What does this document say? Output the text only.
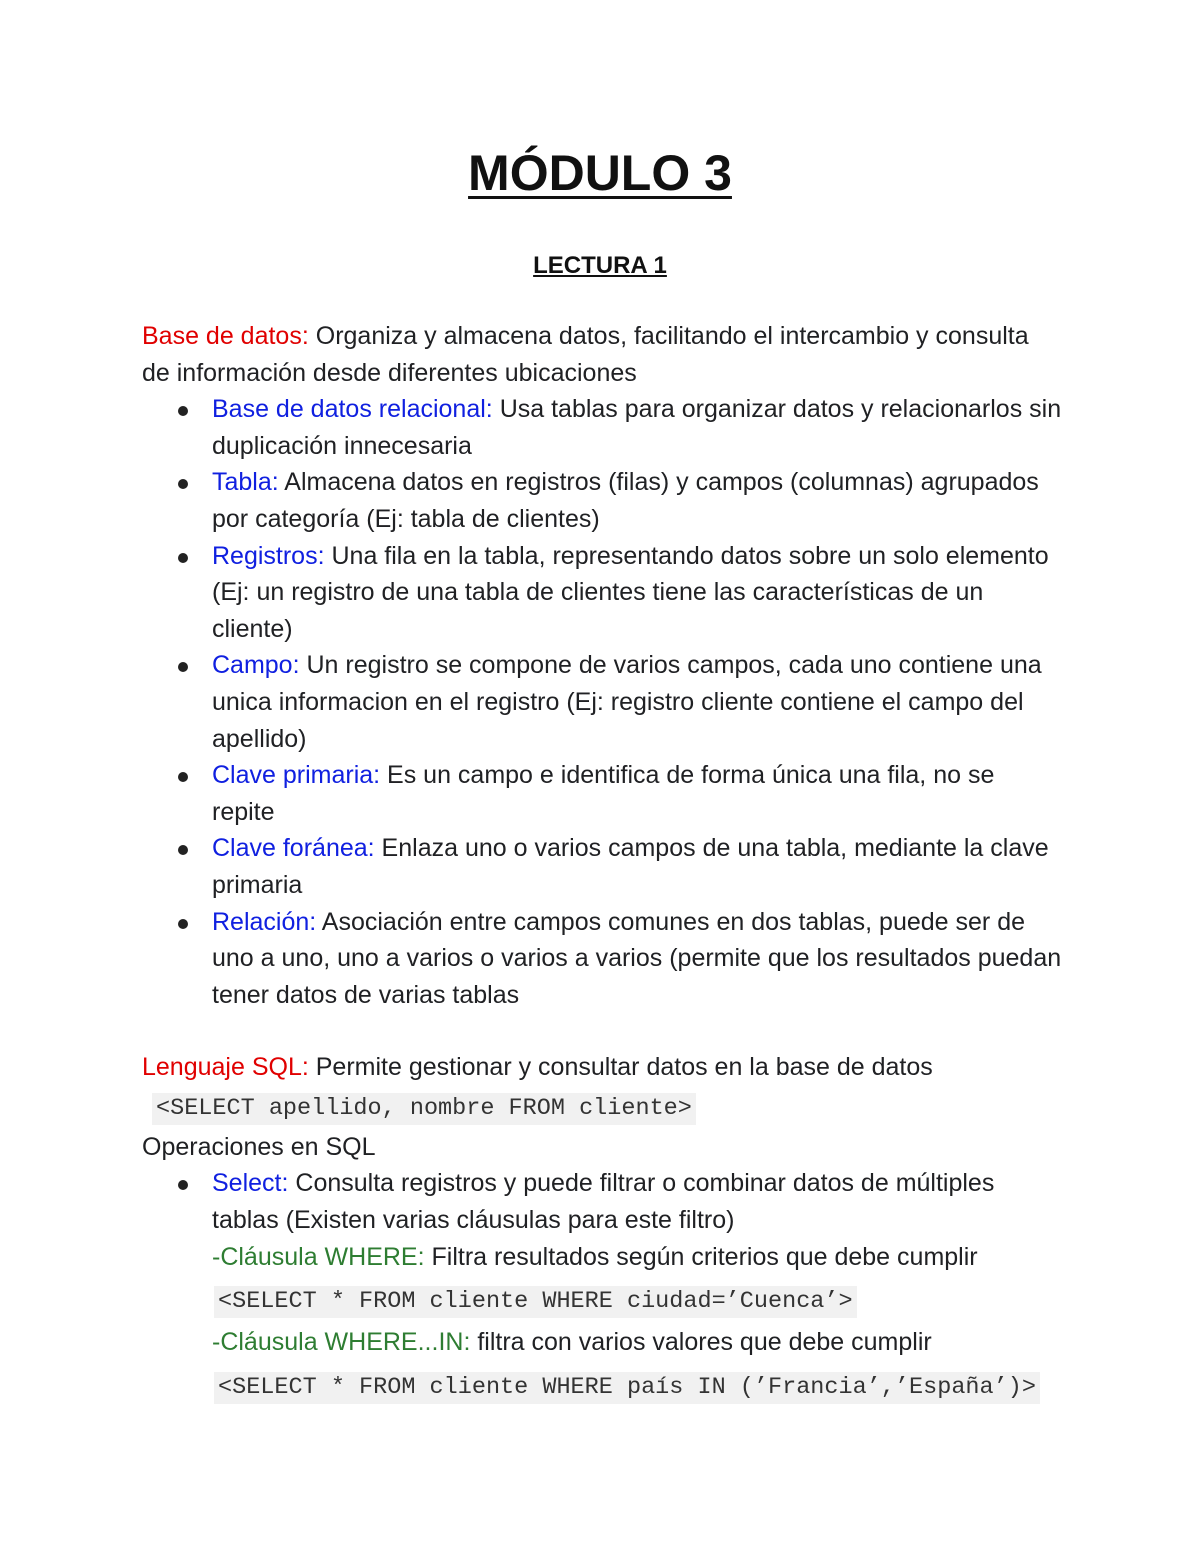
MÓDULO 3
LECTURA 1

Base de datos: Organiza y almacena datos, facilitando el intercambio y consulta de información desde diferentes ubicaciones

Base de datos relacional: Usa tablas para organizar datos y relacionarlos sin duplicación innecesaria
Tabla: Almacena datos en registros (filas) y campos (columnas) agrupados por categoría (Ej: tabla de clientes)
Registros: Una fila en la tabla, representando datos sobre un solo elemento (Ej: un registro de una tabla de clientes tiene las características de un cliente)
Campo: Un registro se compone de varios campos, cada uno contiene una unica informacion en el registro (Ej: registro cliente contiene el campo del apellido)
Clave primaria: Es un campo e identifica de forma única una fila, no se repite
Clave foránea: Enlaza uno o varios campos de una tabla, mediante la clave primaria
Relación: Asociación entre campos comunes en dos tablas, puede ser de uno a uno, uno a varios o varios a varios (permite que los resultados puedan tener datos de varias tablas

Lenguaje SQL: Permite gestionar y consultar datos en la base de datos

<SELECT apellido, nombre FROM cliente>

Operaciones en SQL

Select: Consulta registros y puede filtrar o combinar datos de múltiples tablas (Existen varias cláusulas para este filtro)

-Cláusula WHERE: Filtra resultados según criterios que debe cumplir

<SELECT * FROM cliente WHERE ciudad=’Cuenca’>

-Cláusula WHERE...IN: filtra con varios valores que debe cumplir

<SELECT * FROM cliente WHERE país IN (’Francia’,’España’)>
